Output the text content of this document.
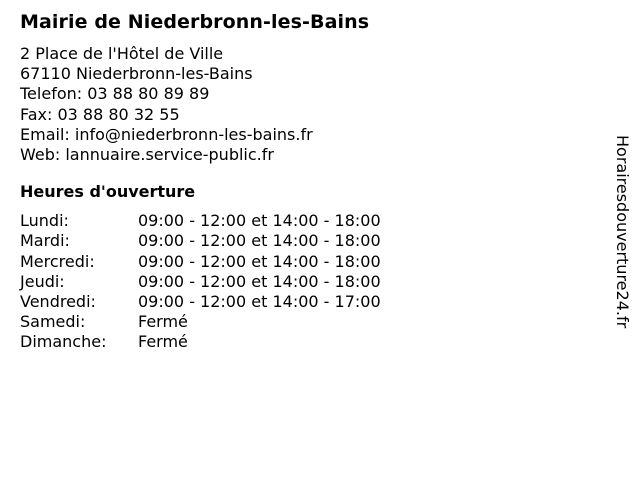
Mairie de Niederbronn-les-Bains
2 Place de l'Hôtel de Ville
67110 Niederbronn-les-Bains
Telefon: 03 88 80 89 89
Fax: 03 88 80 32 55
Email: info@niederbronn-les-bains.fr
Web: lannuaire.service-public.fr
Heures d'ouverture
Lundi:	09:00 - 12:00 et 14:00 - 18:00
Mardi:	09:00 - 12:00 et 14:00 - 18:00
Mercredi:	09:00 - 12:00 et 14:00 - 18:00
Jeudi:	09:00 - 12:00 et 14:00 - 18:00
Vendredi:	09:00 - 12:00 et 14:00 - 17:00
Samedi:	Fermé
Dimanche:	Fermé
Horairesdouverture24.fr
